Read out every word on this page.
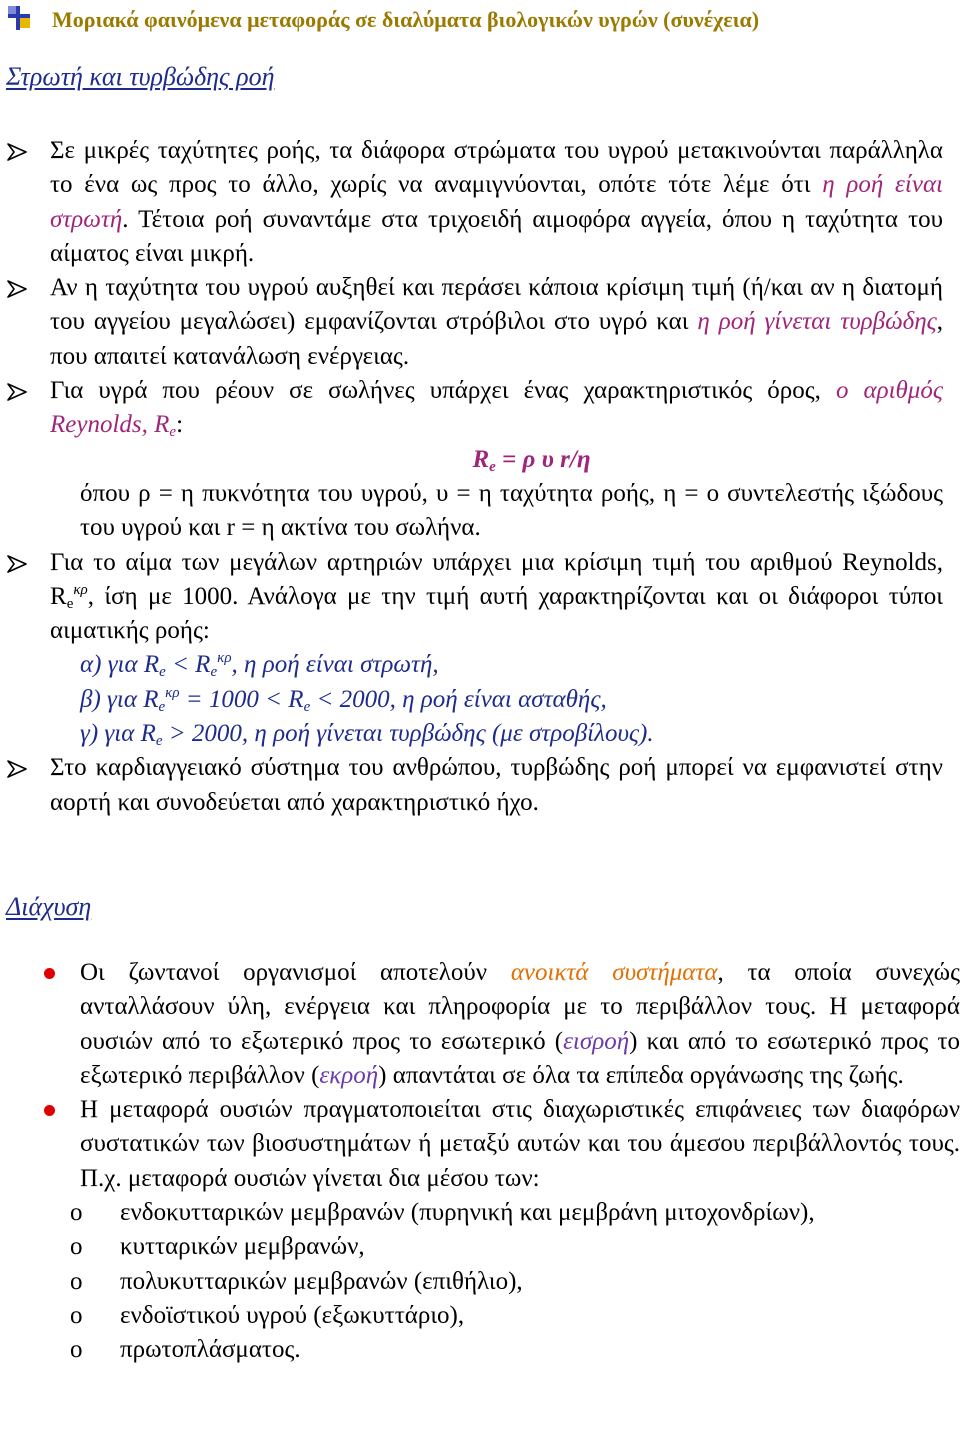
Μοριακά φαινόμενα μεταφοράς σε διαλύματα βιολογικών υγρών (συνέχεια)
Στρωτή και τυρβώδης ροή
Σε μικρές ταχύτητες ροής, τα διάφορα στρώματα του υγρού μετακινούνται παράλληλα το ένα ως προς το άλλο, χωρίς να αναμιγνύονται, οπότε τότε λέμε ότι η ροή είναι στρωτή. Τέτοια ροή συναντάμε στα τριχοειδή αιμοφόρα αγγεία, όπου η ταχύτητα του αίματος είναι μικρή.
Αν η ταχύτητα του υγρού αυξηθεί και περάσει κάποια κρίσιμη τιμή (ή/και αν η διατομή του αγγείου μεγαλώσει) εμφανίζονται στρόβιλοι στο υγρό και η ροή γίνεται τυρβώδης, που απαιτεί κατανάλωση ενέργειας.
Για υγρά που ρέουν σε σωλήνες υπάρχει ένας χαρακτηριστικός όρος, ο αριθμός Reynolds, $R_e$:
$R_e = \rho$ υ r/η
όπου ρ = η πυκνότητα του υγρού, υ = η ταχύτητα ροής, η = ο συντελεστής ιξώδους του υγρού και r = η ακτίνα του σωλήνα.
Για το αίμα των μεγάλων αρτηριών υπάρχει μια κρίσιμη τιμή του αριθμού Reynolds, $R_e^{\kappa\rho}$, ίση με 1000. Ανάλογα με την τιμή αυτή χαρακτηρίζονται και οι διάφοροι τύποι αιματικής ροής:
α) για $R_e < R_e^{\kappa\rho}$, η ροή είναι στρωτή,
β) για $R_e^{\kappa\rho} = 1000 < R_e < 2000$, η ροή είναι ασταθής,
γ) για $R_e > 2000$, η ροή γίνεται τυρβώδης (με στροβίλους).
Στο καρδιαγγειακό σύστημα του ανθρώπου, τυρβώδης ροή μπορεί να εμφανιστεί στην αορτή και συνοδεύεται από χαρακτηριστικό ήχο.
Διάχυση
Οι ζωντανοί οργανισμοί αποτελούν ανοικτά συστήματα, τα οποία συνεχώς ανταλλάσουν ύλη, ενέργεια και πληροφορία με το περιβάλλον τους. Η μεταφορά ουσιών από το εξωτερικό προς το εσωτερικό (εισροή) και από το εσωτερικό προς το εξωτερικό περιβάλλον (εκροή) απαντάται σε όλα τα επίπεδα οργάνωσης της ζωής.
Η μεταφορά ουσιών πραγματοποιείται στις διαχωριστικές επιφάνειες των διαφόρων συστατικών των βιοσυστημάτων ή μεταξύ αυτών και του άμεσου περιβάλλοντός τους. Π.χ. μεταφορά ουσιών γίνεται δια μέσου των:
o ενδοκυτταρικών μεμβρανών (πυρηνική και μεμβράνη μιτοχονδρίων),
o κυτταρικών μεμβρανών,
o πολυκυτταρικών μεμβρανών (επιθήλιο),
o ενδοϊστικού υγρού (εξωκυττάριο),
o πρωτοπλάσματος.
